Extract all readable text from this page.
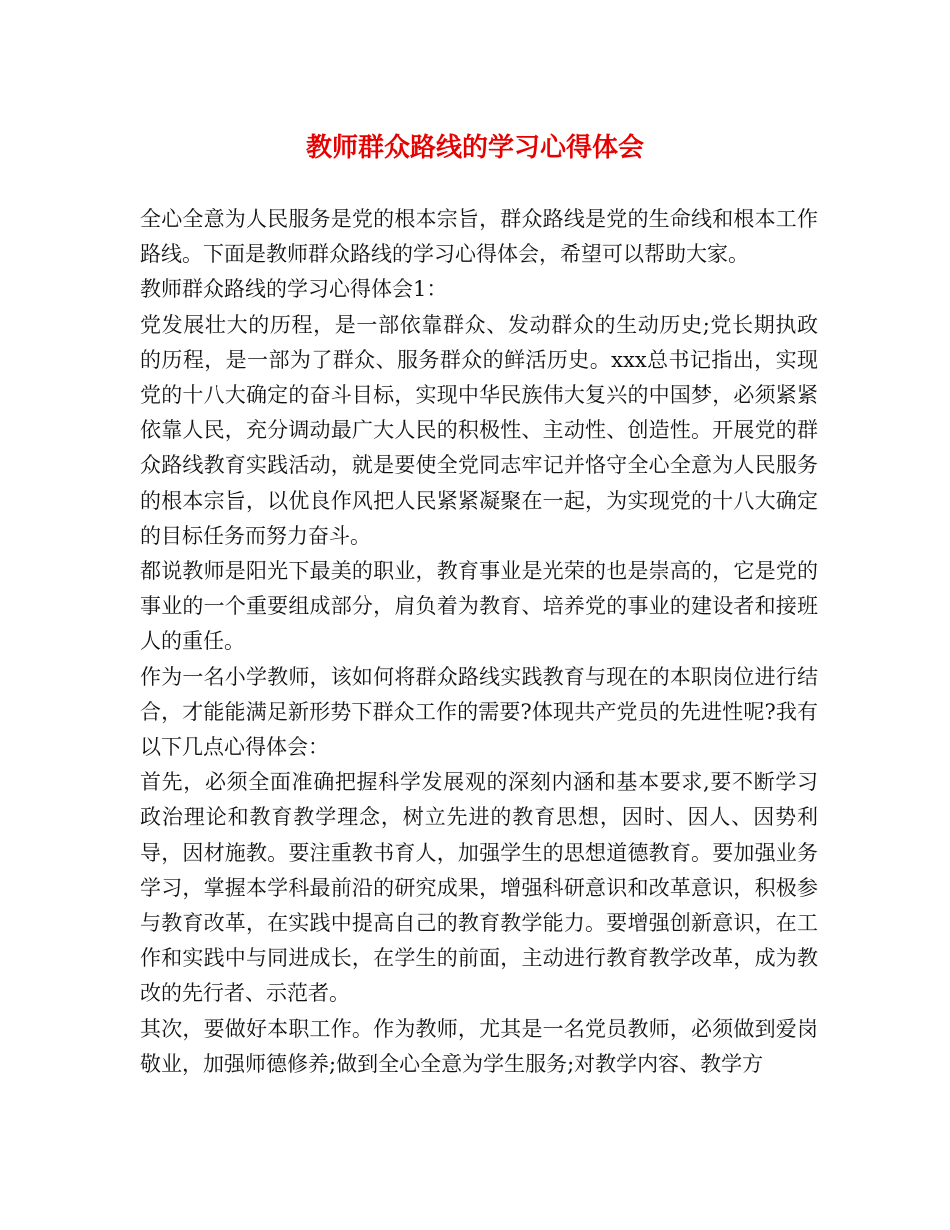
教师群众路线的学习心得体会

全心全意为人民服务是党的根本宗旨，群众路线是党的生命线和根本工作路线。下面是教师群众路线的学习心得体会，希望可以帮助大家。

教师群众路线的学习心得体会1：

党发展壮大的历程，是一部依靠群众、发动群众的生动历史;党长期执政的历程，是一部为了群众、服务群众的鲜活历史。xxx总书记指出，实现党的十八大确定的奋斗目标，实现中华民族伟大复兴的中国梦，必须紧紧依靠人民，充分调动最广大人民的积极性、主动性、创造性。开展党的群众路线教育实践活动，就是要使全党同志牢记并恪守全心全意为人民服务的根本宗旨，以优良作风把人民紧紧凝聚在一起，为实现党的十八大确定的目标任务而努力奋斗。

都说教师是阳光下最美的职业，教育事业是光荣的也是崇高的，它是党的事业的一个重要组成部分，肩负着为教育、培养党的事业的建设者和接班人的重任。

作为一名小学教师，该如何将群众路线实践教育与现在的本职岗位进行结合，才能能满足新形势下群众工作的需要?体现共产党员的先进性呢?我有以下几点心得体会：

首先，必须全面准确把握科学发展观的深刻内涵和基本要求,要不断学习政治理论和教育教学理念，树立先进的教育思想，因时、因人、因势利导，因材施教。要注重教书育人，加强学生的思想道德教育。要加强业务学习，掌握本学科最前沿的研究成果，增强科研意识和改革意识，积极参与教育改革，在实践中提高自己的教育教学能力。要增强创新意识，在工作和实践中与同进成长，在学生的前面，主动进行教育教学改革，成为教改的先行者、示范者。

其次，要做好本职工作。作为教师，尤其是一名党员教师，必须做到爱岗敬业，加强师德修养;做到全心全意为学生服务;对教学内容、教学方
